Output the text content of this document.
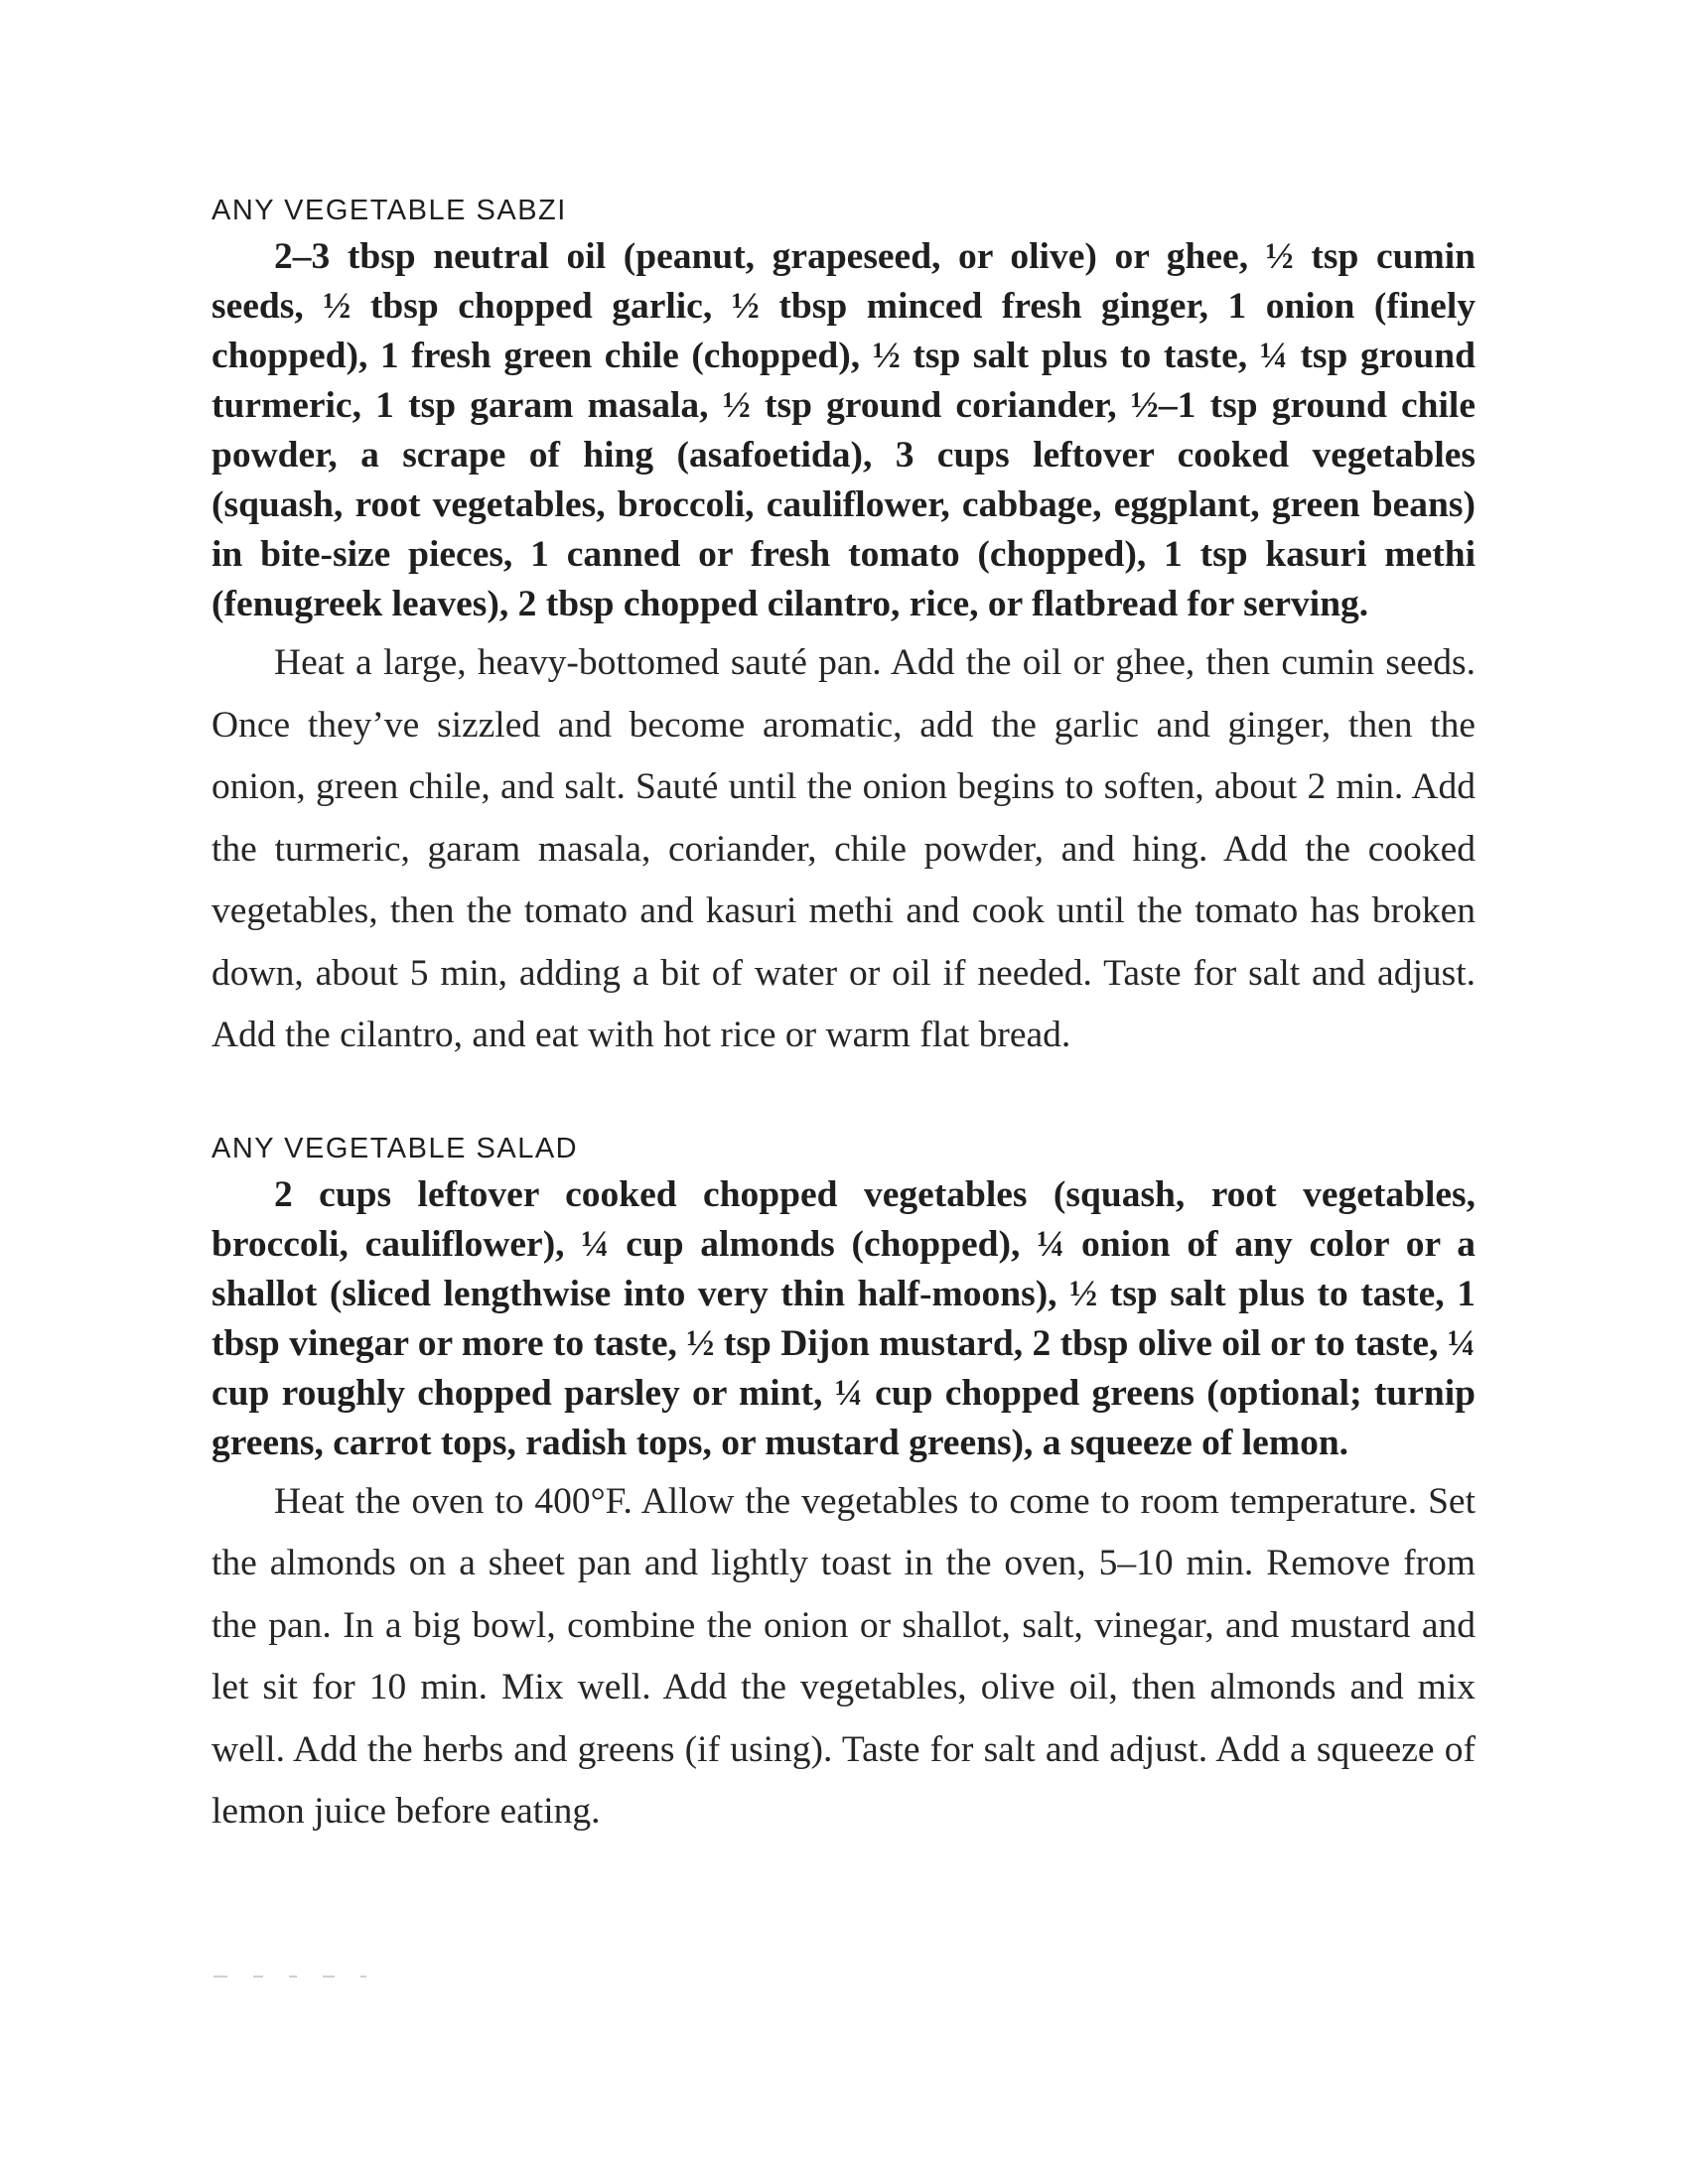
ANY VEGETABLE SABZI

2–3 tbsp neutral oil (peanut, grapeseed, or olive) or ghee, ½ tsp cumin seeds, ½ tbsp chopped garlic, ½ tbsp minced fresh ginger, 1 onion (finely chopped), 1 fresh green chile (chopped), ½ tsp salt plus to taste, ¼ tsp ground turmeric, 1 tsp garam masala, ½ tsp ground coriander, ½–1 tsp ground chile powder, a scrape of hing (asafoetida), 3 cups leftover cooked vegetables (squash, root vegetables, broccoli, cauliflower, cabbage, eggplant, green beans) in bite-size pieces, 1 canned or fresh tomato (chopped), 1 tsp kasuri methi (fenugreek leaves), 2 tbsp chopped cilantro, rice, or flatbread for serving.

Heat a large, heavy-bottomed sauté pan. Add the oil or ghee, then cumin seeds. Once they’ve sizzled and become aromatic, add the garlic and ginger, then the onion, green chile, and salt. Sauté until the onion begins to soften, about 2 min. Add the turmeric, garam masala, coriander, chile powder, and hing. Add the cooked vegetables, then the tomato and kasuri methi and cook until the tomato has broken down, about 5 min, adding a bit of water or oil if needed. Taste for salt and adjust. Add the cilantro, and eat with hot rice or warm flat bread.

ANY VEGETABLE SALAD

2 cups leftover cooked chopped vegetables (squash, root vegetables, broccoli, cauliflower), ¼ cup almonds (chopped), ¼ onion of any color or a shallot (sliced lengthwise into very thin half-moons), ½ tsp salt plus to taste, 1 tbsp vinegar or more to taste, ½ tsp Dijon mustard, 2 tbsp olive oil or to taste, ¼ cup roughly chopped parsley or mint, ¼ cup chopped greens (optional; turnip greens, carrot tops, radish tops, or mustard greens), a squeeze of lemon.

Heat the oven to 400°F. Allow the vegetables to come to room temperature. Set the almonds on a sheet pan and lightly toast in the oven, 5–10 min. Remove from the pan. In a big bowl, combine the onion or shallot, salt, vinegar, and mustard and let sit for 10 min. Mix well. Add the vegetables, olive oil, then almonds and mix well. Add the herbs and greens (if using). Taste for salt and adjust. Add a squeeze of lemon juice before eating.
